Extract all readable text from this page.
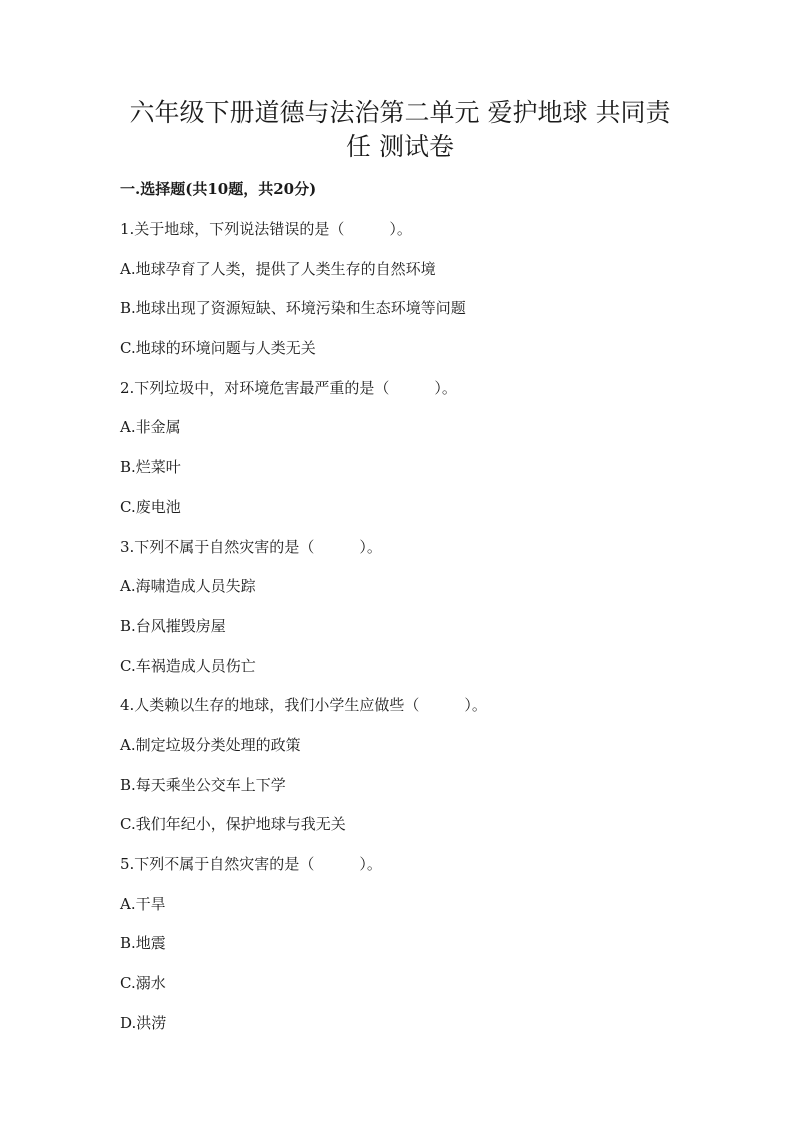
六年级下册道德与法治第二单元 爱护地球 共同责
任 测试卷
一.选择题(共10题，共20分)
1.关于地球，下列说法错误的是（　　　）。
A.地球孕育了人类，提供了人类生存的自然环境
B.地球出现了资源短缺、环境污染和生态环境等问题
C.地球的环境问题与人类无关
2.下列垃圾中，对环境危害最严重的是（　　　）。
A.非金属
B.烂菜叶
C.废电池
3.下列不属于自然灾害的是（　　　）。
A.海啸造成人员失踪
B.台风摧毁房屋
C.车祸造成人员伤亡
4.人类赖以生存的地球，我们小学生应做些（　　　）。
A.制定垃圾分类处理的政策
B.每天乘坐公交车上下学
C.我们年纪小，保护地球与我无关
5.下列不属于自然灾害的是（　　　）。
A.干旱
B.地震
C.溺水
D.洪涝
